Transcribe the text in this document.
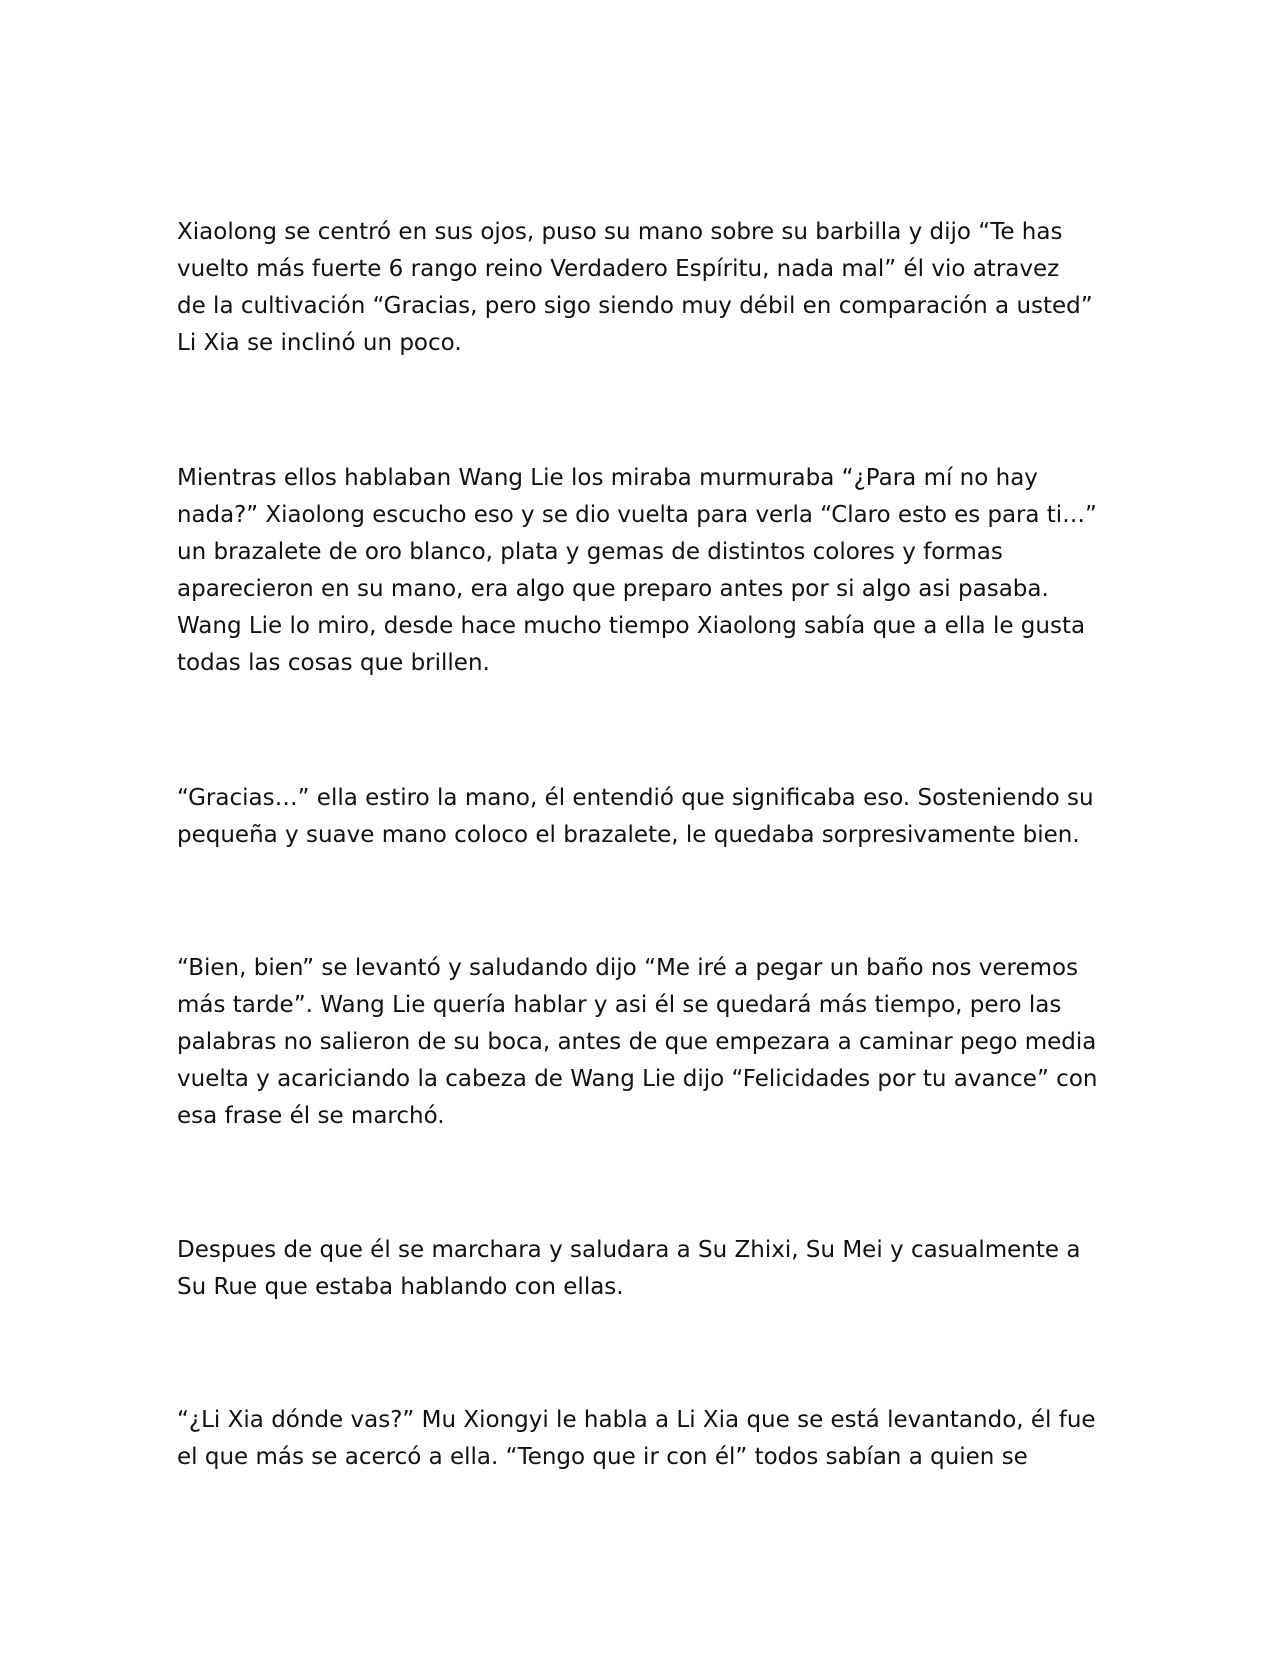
Xiaolong se centró en sus ojos, puso su mano sobre su barbilla y dijo “Te has
vuelto más fuerte 6 rango reino Verdadero Espíritu, nada mal” él vio atravez
de la cultivación “Gracias, pero sigo siendo muy débil en comparación a usted”
Li Xia se inclinó un poco.

Mientras ellos hablaban Wang Lie los miraba murmuraba “¿Para mí no hay
nada?” Xiaolong escucho eso y se dio vuelta para verla “Claro esto es para ti…”
un brazalete de oro blanco, plata y gemas de distintos colores y formas
aparecieron en su mano, era algo que preparo antes por si algo asi pasaba.
Wang Lie lo miro, desde hace mucho tiempo Xiaolong sabía que a ella le gusta
todas las cosas que brillen.

“Gracias…” ella estiro la mano, él entendió que significaba eso. Sosteniendo su
pequeña y suave mano coloco el brazalete, le quedaba sorpresivamente bien.

“Bien, bien” se levantó y saludando dijo “Me iré a pegar un baño nos veremos
más tarde”. Wang Lie quería hablar y asi él se quedará más tiempo, pero las
palabras no salieron de su boca, antes de que empezara a caminar pego media
vuelta y acariciando la cabeza de Wang Lie dijo “Felicidades por tu avance” con
esa frase él se marchó.

Despues de que él se marchara y saludara a Su Zhixi, Su Mei y casualmente a
Su Rue que estaba hablando con ellas.

“¿Li Xia dónde vas?” Mu Xiongyi le habla a Li Xia que se está levantando, él fue
el que más se acercó a ella. “Tengo que ir con él” todos sabían a quien se
